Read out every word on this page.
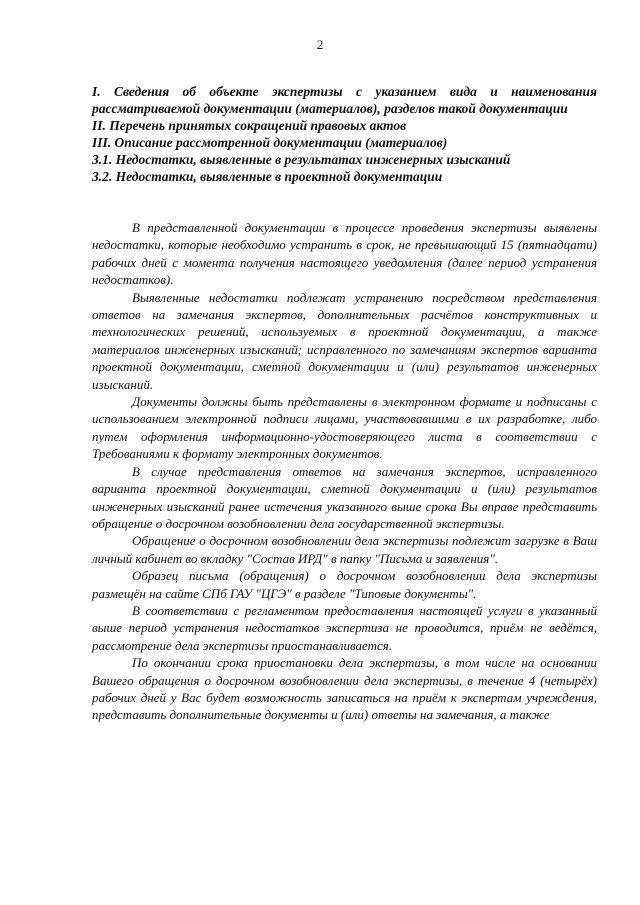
2

I. Сведения об объекте экспертизы с указанием вида и наименования рассматриваемой документации (материалов), разделов такой документации

II. Перечень принятых сокращений правовых актов

III. Описание рассмотренной документации (материалов)

3.1. Недостатки, выявленные в результатах инженерных изысканий

3.2. Недостатки, выявленные в проектной документации

В представленной документации в процессе проведения экспертизы выявлены недостатки, которые необходимо устранить в срок, не превышающий 15 (пятнадцати) рабочих дней с момента получения настоящего уведомления (далее период устранения недостатков).

Выявленные недостатки подлежат устранению посредством представления ответов на замечания экспертов, дополнительных расчётов конструктивных и технологических решений, используемых в проектной документации, а также материалов инженерных изысканий; исправленного по замечаниям экспертов варианта проектной документации, сметной документации и (или) результатов инженерных изысканий.

Документы должны быть представлены в электронном формате и подписаны с использованием электронной подписи лицами, участвовавшими в их разработке, либо путем оформления информационно-удостоверяющего листа в соответствии с Требованиями к формату электронных документов.

В случае представления ответов на замечания экспертов, исправленного варианта проектной документации, сметной документации и (или) результатов инженерных изысканий ранее истечения указанного выше срока Вы вправе представить обращение о досрочном возобновлении дела государственной экспертизы.

Обращение о досрочном возобновлении дела экспертизы подлежит загрузке в Ваш личный кабинет во вкладку "Состав ИРД" в папку "Письма и заявления".

Образец письма (обращения) о досрочном возобновлении дела экспертизы размещён на сайте СПб ГАУ "ЦГЭ" в разделе "Типовые документы".

В соответствии с регламентом предоставления настоящей услуги в указанный выше период устранения недостатков экспертиза не проводится, приём не ведётся, рассмотрение дела экспертизы приостанавливается.

По окончании срока приостановки дела экспертизы, в том числе на основании Вашего обращения о досрочном возобновлении дела экспертизы, в течение 4 (четырёх) рабочих дней у Вас будет возможность записаться на приём к экспертам учреждения, представить дополнительные документы и (или) ответы на замечания, а также
